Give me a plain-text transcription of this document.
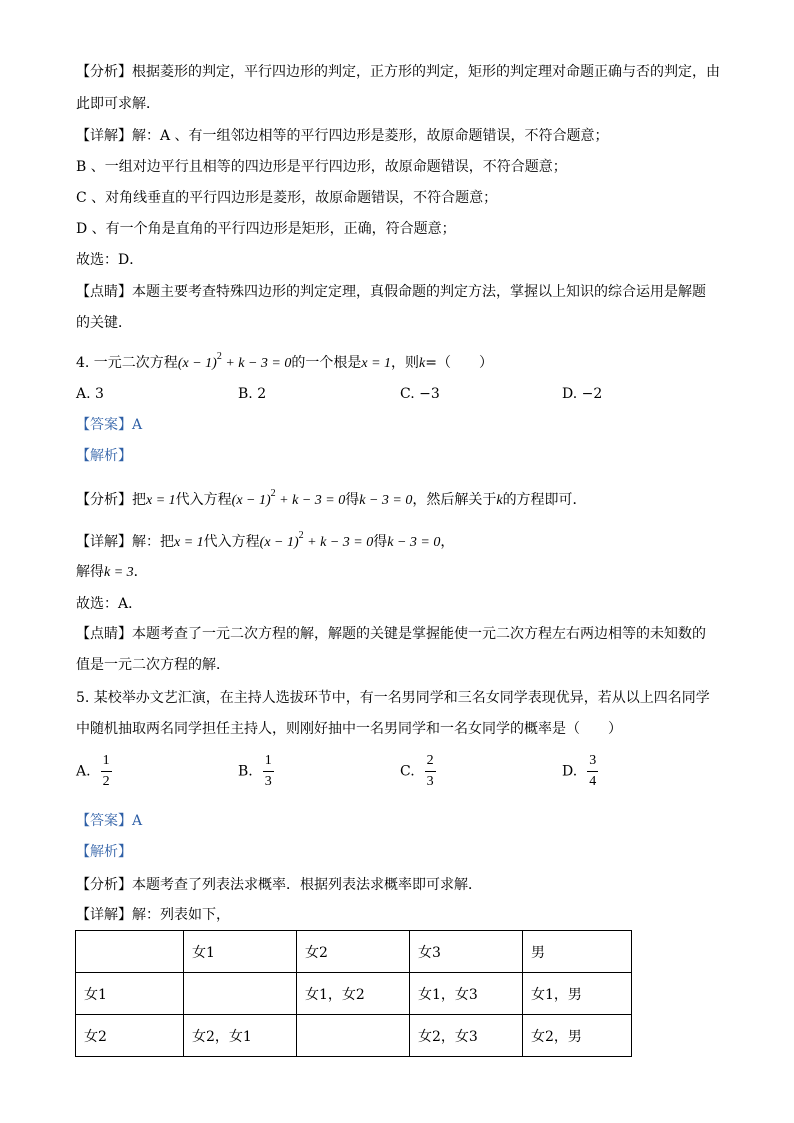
【分析】根据菱形的判定，平行四边形的判定，正方形的判定，矩形的判定理对命题正确与否的判定，由
此即可求解．
【详解】解：A 、有一组邻边相等的平行四边形是菱形，故原命题错误，不符合题意；
B 、一组对边平行且相等的四边形是平行四边形，故原命题错误，不符合题意；
C 、对角线垂直的平行四边形是菱形，故原命题错误，不符合题意；
D 、有一个角是直角的平行四边形是矩形，正确，符合题意；
故选：D．
【点睛】本题主要考查特殊四边形的判定定理，真假命题的判定方法，掌握以上知识的综合运用是解题
的关键．
4. 一元二次方程$(x - 1)^2 + k - 3 = 0$的一个根是x = 1，则k=（　　）
A. 3	B. 2	C. −3	D. −2
【答案】A
【解析】
【分析】把x = 1代入方程$(x - 1)^2 + k - 3 = 0$得k − 3 = 0，然后解关于k的方程即可．
【详解】解：把x = 1代入方程$(x - 1)^2 + k - 3 = 0$得k − 3 = 0，
解得k = 3．
故选：A．
【点睛】本题考查了一元二次方程的解，解题的关键是掌握能使一元二次方程左右两边相等的未知数的
值是一元二次方程的解．
5. 某校举办文艺汇演，在主持人选拔环节中，有一名男同学和三名女同学表现优异，若从以上四名同学
中随机抽取两名同学担任主持人，则刚好抽中一名男同学和一名女同学的概率是（　　）
A. $\frac{1}{2}$	B. $\frac{1}{3}$	C. $\frac{2}{3}$	D. $\frac{3}{4}$
【答案】A
【解析】
【分析】本题考查了列表法求概率．根据列表法求概率即可求解．
【详解】解：列表如下，
	女1	女2	女3	男
女1		女1，女2	女1，女3	女1，男
女2	女2，女1		女2，女3	女2，男
